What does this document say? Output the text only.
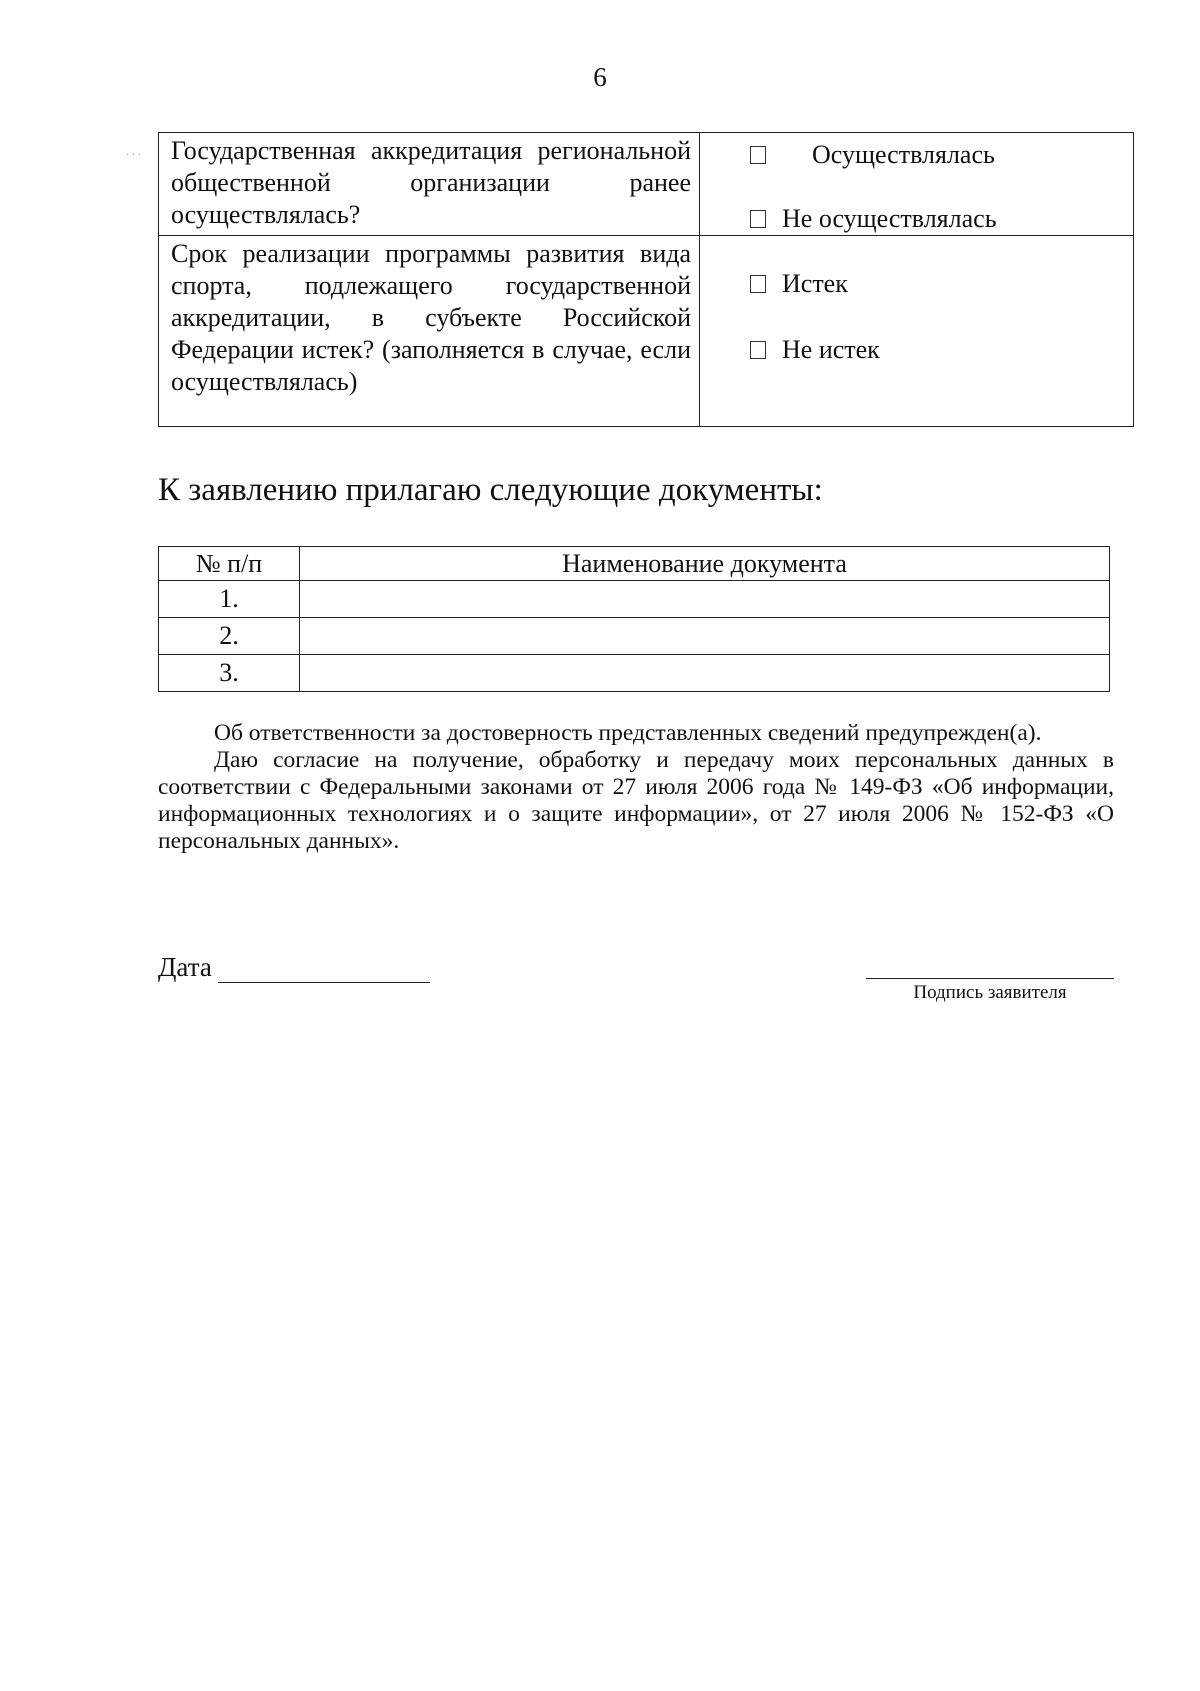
6
· · ·	Государственная аккредитация региональной общественной организации ранее осуществлялась?	Осуществлялась
Не осуществлялась

Срок реализации программы развития вида спорта, подлежащего государственной аккредитации, в субъекте Российской Федерации истек? (заполняется в случае, если осуществлялась)	Истек
Не истек
К заявлению прилагаю следующие документы:
№ п/п	Наименование документа
1.	
2.	
3.	

Об ответственности за достоверность представленных сведений предупрежден(а).

Даю согласие на получение, обработку и передачу моих персональных данных в соответствии с Федеральными законами от 27 июля 2006 года № 149-ФЗ «Об информации, информационных технологиях и о защите информации», от 27 июля 2006 № 152-ФЗ «О персональных данных».

Дата
Подпись заявителя
